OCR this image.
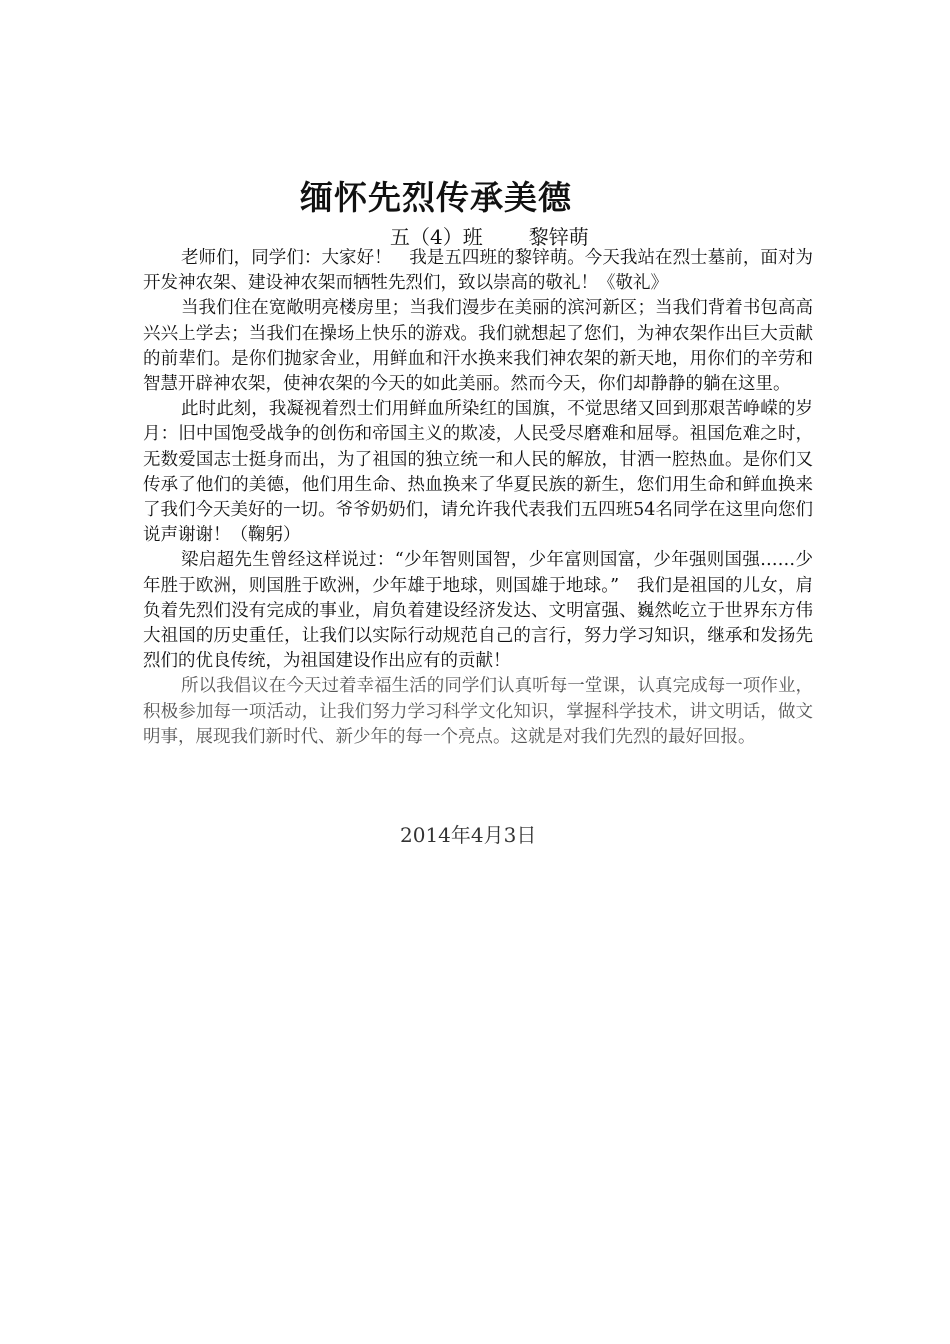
缅怀先烈传承美德
五（4）班 黎锌萌

老师们，同学们：大家好！　我是五四班的黎锌萌。今天我站在烈士墓前，面对为开发神农架、建设神农架而牺牲先烈们，致以崇高的敬礼！《敬礼》

当我们住在宽敞明亮楼房里；当我们漫步在美丽的滨河新区；当我们背着书包高高兴兴上学去；当我们在操场上快乐的游戏。我们就想起了您们，为神农架作出巨大贡献的前辈们。是你们抛家舍业，用鲜血和汗水换来我们神农架的新天地，用你们的辛劳和智慧开辟神农架，使神农架的今天的如此美丽。然而今天，你们却静静的躺在这里。

此时此刻，我凝视着烈士们用鲜血所染红的国旗，不觉思绪又回到那艰苦峥嵘的岁月：旧中国饱受战争的创伤和帝国主义的欺凌，人民受尽磨难和屈辱。祖国危难之时，无数爱国志士挺身而出，为了祖国的独立统一和人民的解放，甘洒一腔热血。是你们又传承了他们的美德，他们用生命、热血换来了华夏民族的新生，您们用生命和鲜血换来了我们今天美好的一切。爷爷奶奶们，请允许我代表我们五四班54名同学在这里向您们说声谢谢！（鞠躬）

梁启超先生曾经这样说过：“少年智则国智，少年富则国富，少年强则国强……少年胜于欧洲，则国胜于欧洲，少年雄于地球，则国雄于地球。”　我们是祖国的儿女，肩负着先烈们没有完成的事业，肩负着建设经济发达、文明富强、巍然屹立于世界东方伟大祖国的历史重任，让我们以实际行动规范自己的言行，努力学习知识，继承和发扬先烈们的优良传统，为祖国建设作出应有的贡献！

所以我倡议在今天过着幸福生活的同学们认真听每一堂课，认真完成每一项作业，积极参加每一项活动，让我们努力学习科学文化知识，掌握科学技术，讲文明话，做文明事，展现我们新时代、新少年的每一个亮点。这就是对我们先烈的最好回报。

2014年4月3日
